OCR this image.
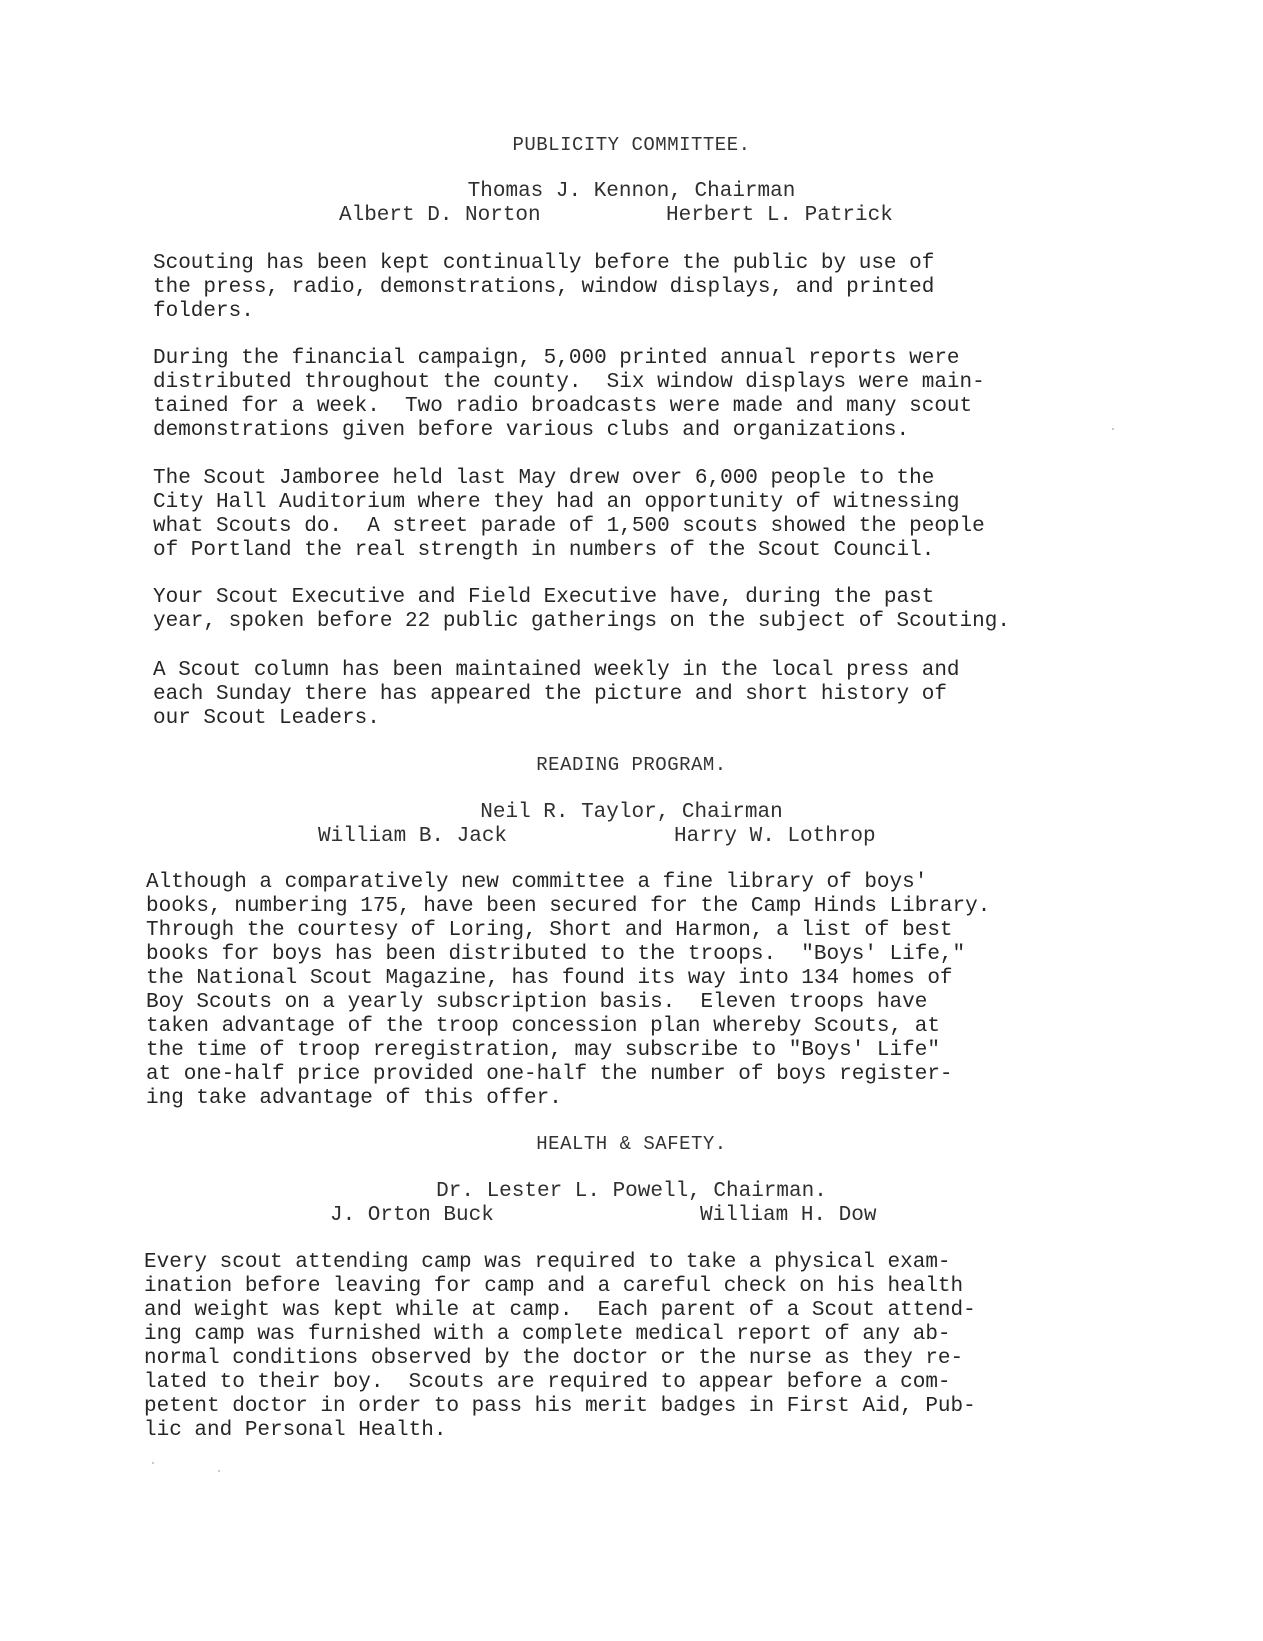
PUBLICITY COMMITTEE.
Thomas J. Kennon, Chairman
Albert D. Norton	Herbert L. Patrick
Scouting has been kept continually before the public by use of
the press, radio, demonstrations, window displays, and printed
folders.
During the financial campaign, 5,000 printed annual reports were
distributed throughout the county.  Six window displays were main-
tained for a week.  Two radio broadcasts were made and many scout
demonstrations given before various clubs and organizations.
The Scout Jamboree held last May drew over 6,000 people to the
City Hall Auditorium where they had an opportunity of witnessing
what Scouts do.  A street parade of 1,500 scouts showed the people
of Portland the real strength in numbers of the Scout Council.
Your Scout Executive and Field Executive have, during the past
year, spoken before 22 public gatherings on the subject of Scouting.
A Scout column has been maintained weekly in the local press and
each Sunday there has appeared the picture and short history of
our Scout Leaders.
READING PROGRAM.
Neil R. Taylor, Chairman
William B. Jack	Harry W. Lothrop
Although a comparatively new committee a fine library of boys'
books, numbering 175, have been secured for the Camp Hinds Library.
Through the courtesy of Loring, Short and Harmon, a list of best
books for boys has been distributed to the troops.  "Boys' Life,"
the National Scout Magazine, has found its way into 134 homes of
Boy Scouts on a yearly subscription basis.  Eleven troops have
taken advantage of the troop concession plan whereby Scouts, at
the time of troop reregistration, may subscribe to "Boys' Life"
at one-half price provided one-half the number of boys register-
ing take advantage of this offer.
HEALTH & SAFETY.
Dr. Lester L. Powell, Chairman.
J. Orton Buck	William H. Dow
Every scout attending camp was required to take a physical exam-
ination before leaving for camp and a careful check on his health
and weight was kept while at camp.  Each parent of a Scout attend-
ing camp was furnished with a complete medical report of any ab-
normal conditions observed by the doctor or the nurse as they re-
lated to their boy.  Scouts are required to appear before a com-
petent doctor in order to pass his merit badges in First Aid, Pub-
lic and Personal Health.
